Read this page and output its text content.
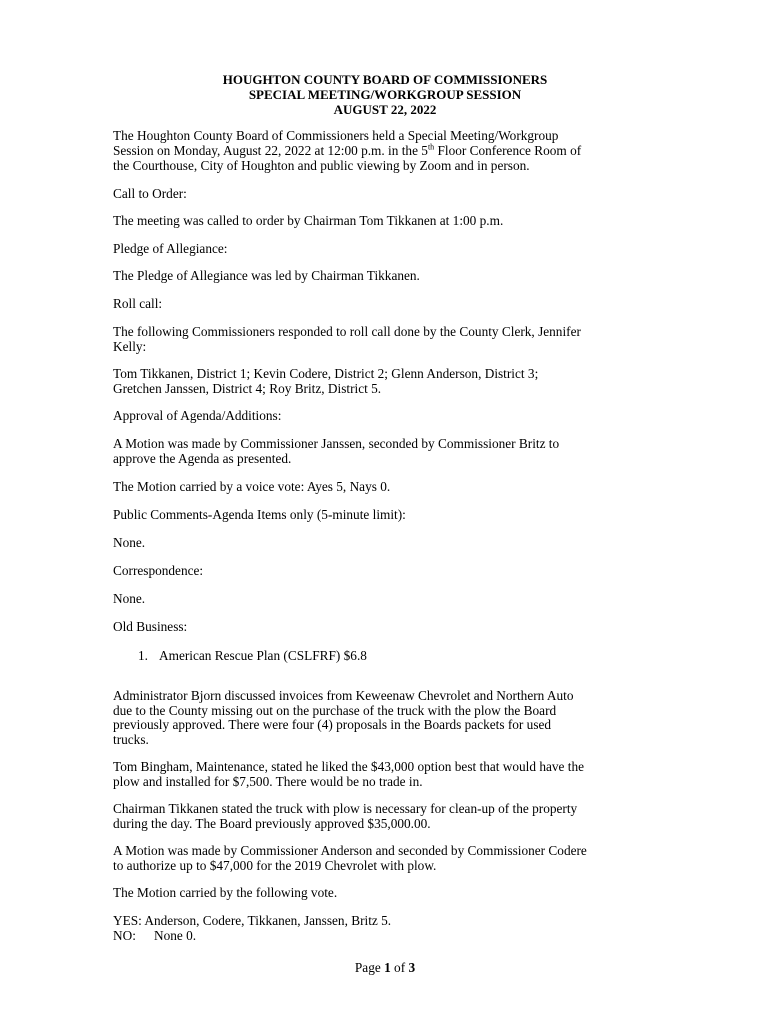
HOUGHTON COUNTY BOARD OF COMMISSIONERS
SPECIAL MEETING/WORKGROUP SESSION
AUGUST 22, 2022
The Houghton County Board of Commissioners held a Special Meeting/Workgroup
Session on Monday, August 22, 2022 at 12:00 p.m. in the 5th Floor Conference Room of
the Courthouse, City of Houghton and public viewing by Zoom and in person.
Call to Order:
The meeting was called to order by Chairman Tom Tikkanen at 1:00 p.m.
Pledge of Allegiance:
The Pledge of Allegiance was led by Chairman Tikkanen.
Roll call:
The following Commissioners responded to roll call done by the County Clerk, Jennifer
Kelly:
Tom Tikkanen, District 1; Kevin Codere, District 2; Glenn Anderson, District 3;
Gretchen Janssen, District 4; Roy Britz, District 5.
Approval of Agenda/Additions:
A Motion was made by Commissioner Janssen, seconded by Commissioner Britz to
approve the Agenda as presented.
The Motion carried by a voice vote: Ayes 5, Nays 0.
Public Comments-Agenda Items only (5-minute limit):
None.
Correspondence:
None.
Old Business:
1. American Rescue Plan (CSLFRF) $6.8
Administrator Bjorn discussed invoices from Keweenaw Chevrolet and Northern Auto
due to the County missing out on the purchase of the truck with the plow the Board
previously approved. There were four (4) proposals in the Boards packets for used
trucks.
Tom Bingham, Maintenance, stated he liked the $43,000 option best that would have the
plow and installed for $7,500. There would be no trade in.
Chairman Tikkanen stated the truck with plow is necessary for clean-up of the property
during the day. The Board previously approved $35,000.00.
A Motion was made by Commissioner Anderson and seconded by Commissioner Codere
to authorize up to $47,000 for the 2019 Chevrolet with plow.
The Motion carried by the following vote.
YES: Anderson, Codere, Tikkanen, Janssen, Britz 5.
NO: None 0.
Page 1 of 3
